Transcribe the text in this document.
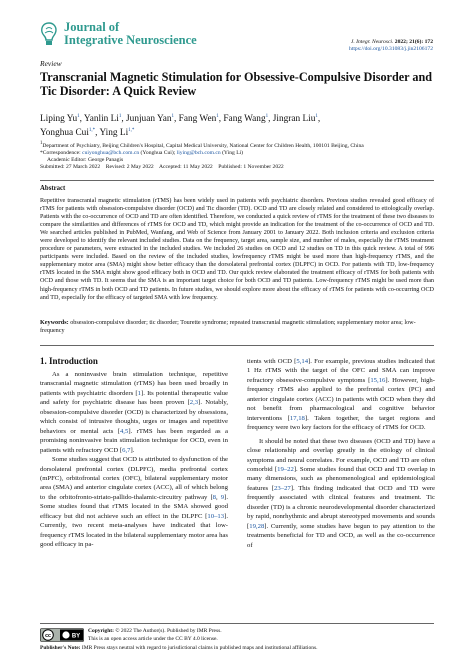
Journal of
Integrative Neuroscience	J. Integr. Neurosci. 2022; 21(6): 172
https://doi.org/10.31083/j.jin2106172
Review
Transcranial Magnetic Stimulation for Obsessive-Compulsive Disorder and Tic Disorder: A Quick Review
Liping Yu$^1$, Yanlin Li$^1$, Junjuan Yan$^1$, Fang Wen$^1$, Fang Wang$^1$, Jingran Liu$^1$,
Yonghua Cui$^{1,*}$, Ying $Li^{1,*}$
$^1$Department of Psychiatry, Beijing Children's Hospital, Capital Medical University, National Center for Children Health, 100101 Beijing, China
*Correspondence: cuiyonghua@bch.com.cn (Yonghua Cui); liying@bch.com.cn (Ying Li)
Academic Editor: George Panagis
Submitted: 27 March 2022    Revised: 2 May 2022    Accepted: 11 May 2022    Published: 1 November 2022
Abstract
Repetitive transcranial magnetic stimulation (rTMS) has been widely used in patients with psychiatric disorders. Previous studies revealed good efficacy of rTMS for patients with obsession-compulsive disorder (OCD) and Tic disorder (TD). OCD and TD are closely related and considered to etiologically overlap. Patients with the co-occurrence of OCD and TD are often identified. Therefore, we conducted a quick review of rTMS for the treatment of these two diseases to compare the similarities and differences of rTMS for OCD and TD, which might provide an indication for the treatment of the co-occurrence of OCD and TD. We searched articles published in PubMed, Wanfang, and Web of Science from January 2001 to January 2022. Both inclusion criteria and exclusion criteria were developed to identify the relevant included studies. Data on the frequency, target area, sample size, and number of males, especially the rTMS treatment procedure or parameters, were extracted in the included studies. We included 26 studies on OCD and 12 studies on TD in this quick review. A total of 996 participants were included. Based on the review of the included studies, lowfrequency rTMS might be used more than high-frequency rTMS, and the supplementary motor area (SMA) might show better efficacy than the dorsolateral prefrontal cortex (DLPFC) in OCD. For patients with TD, low-frequency rTMS located in the SMA might show good efficacy both in OCD and TD. Our quick review elaborated the treatment efficacy of rTMS for both patients with OCD and those with TD. It seems that the SMA is an important target choice for both OCD and TD patients. Low-frequency rTMS might be used more than high-frequency rTMS in both OCD and TD patients. In future studies, we should explore more about the efficacy of rTMS for patients with co-occurring OCD and TD, especially for the efficacy of targeted SMA with low frequency.
Keywords: obsession-compulsive disorder; tic disorder; Tourette syndrome; repeated transcranial magnetic stimulation; supplementary motor area; low-frequency
1. Introduction

As a noninvasive brain stimulation technique, repetitive transcranial magnetic stimulation (rTMS) has been used broadly in patients with psychiatric disorders [1]. Its potential therapeutic value and safety for psychiatric disease has been proven [2,3]. Notably, obsession-compulsive disorder (OCD) is characterized by obsessions, which consist of intrusive thoughts, urges or images and repetitive behaviors or mental acts [4,5]. rTMS has been regarded as a promising noninvasive brain stimulation technique for OCD, even in patients with refractory OCD [6,7].

Some studies suggest that OCD is attributed to dysfunction of the dorsolateral prefrontal cortex (DLPFC), media prefrontal cortex (mPFC), orbitofrontal cortex (OFC), bilateral supplementary motor area (SMA) and anterior cingulate cortex (ACC), all of which belong to the orbitofronto-striato-pallido-thalamic-circuitry pathway [8, 9]. Some studies found that rTMS located in the SMA showed good efficacy but did not achieve such an effect in the DLPFC [10–13]. Currently, two recent meta-analyses have indicated that low-frequency rTMS located in the bilateral supplementary motor area has good efficacy in pa-

tients with OCD [5,14]. For example, previous studies indicated that 1 Hz rTMS with the target of the OFC and SMA can improve refractory obsessive-compulsive symptoms [15,16]. However, high-frequency rTMS also applied to the prefrontal cortex (PC) and anterior cingulate cortex (ACC) in patients with OCD when they did not benefit from pharmacological and cognitive behavior interventions [17,18]. Taken together, the target regions and frequency were two key factors for the efficacy of rTMS for OCD.

It should be noted that these two diseases (OCD and TD) have a close relationship and overlap greatly in the etiology of clinical symptoms and neural correlates. For example, OCD and TD are often comorbid [19–22]. Some studies found that OCD and TD overlap in many dimensions, such as phenomenological and epidemiological features [23–27]. This finding indicated that OCD and TD were frequently associated with clinical features and treatment. Tic disorder (TD) is a chronic neurodevelopmental disorder characterized by rapid, nonrhythmic and abrupt stereotyped movements and sounds [19,28]. Currently, some studies have begun to pay attention to the treatments beneficial for TD and OCD, as well as the co-occurrence of

cc	BY
Copyright: © 2022 The Author(s). Published by IMR Press.
This is an open access article under the CC BY 4.0 license.
Publisher's Note: IMR Press stays neutral with regard to jurisdictional claims in published maps and institutional affiliations.
